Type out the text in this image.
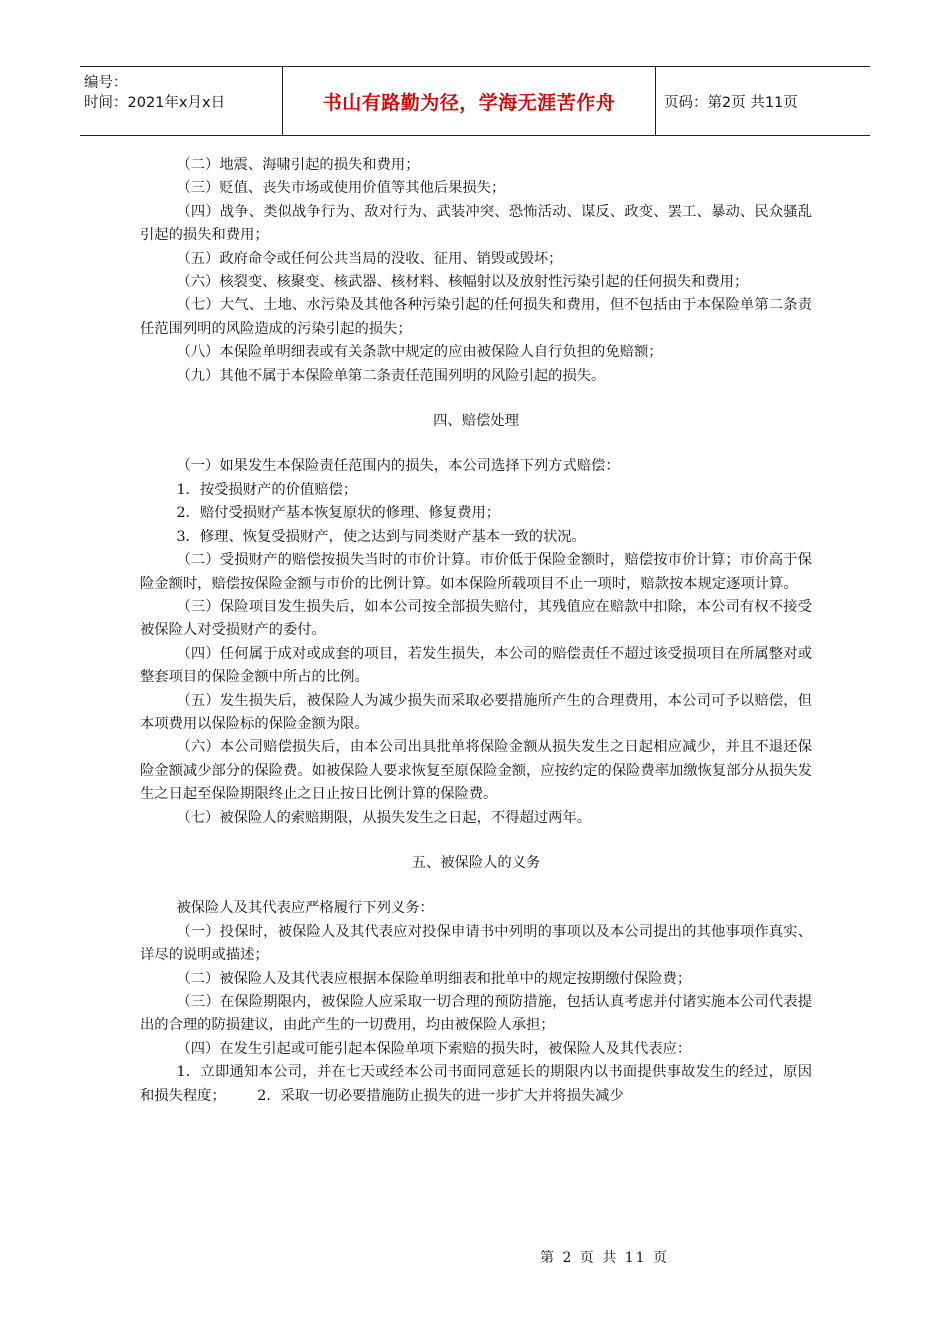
编号：
时间：2021年x月x日	书山有路勤为径，学海无涯苦作舟	页码：第2页 共11页

（二）地震、海啸引起的损失和费用；

（三）贬值、丧失市场或使用价值等其他后果损失；

（四）战争、类似战争行为、敌对行为、武装冲突、恐怖活动、谋反、政变、罢工、暴动、民众骚乱引起的损失和费用；

（五）政府命令或任何公共当局的没收、征用、销毁或毁坏；

（六）核裂变、核聚变、核武器、核材料、核幅射以及放射性污染引起的任何损失和费用；

（七）大气、土地、水污染及其他各种污染引起的任何损失和费用，但不包括由于本保险单第二条责任范围列明的风险造成的污染引起的损失；

（八）本保险单明细表或有关条款中规定的应由被保险人自行负担的免赔额；

（九）其他不属于本保险单第二条责任范围列明的风险引起的损失。

四、赔偿处理

（一）如果发生本保险责任范围内的损失，本公司选择下列方式赔偿：

1．按受损财产的价值赔偿；

2．赔付受损财产基本恢复原状的修理、修复费用；

3．修理、恢复受损财产，使之达到与同类财产基本一致的状况。

（二）受损财产的赔偿按损失当时的市价计算。市价低于保险金额时，赔偿按市价计算；市价高于保险金额时，赔偿按保险金额与市价的比例计算。如本保险所载项目不止一项时，赔款按本规定逐项计算。

（三）保险项目发生损失后，如本公司按全部损失赔付，其残值应在赔款中扣除，本公司有权不接受被保险人对受损财产的委付。

（四）任何属于成对或成套的项目，若发生损失，本公司的赔偿责任不超过该受损项目在所属整对或整套项目的保险金额中所占的比例。

（五）发生损失后，被保险人为减少损失而采取必要措施所产生的合理费用，本公司可予以赔偿，但本项费用以保险标的保险金额为限。

（六）本公司赔偿损失后，由本公司出具批单将保险金额从损失发生之日起相应减少，并且不退还保险金额减少部分的保险费。如被保险人要求恢复至原保险金额，应按约定的保险费率加缴恢复部分从损失发生之日起至保险期限终止之日止按日比例计算的保险费。

（七）被保险人的索赔期限，从损失发生之日起，不得超过两年。

五、被保险人的义务

被保险人及其代表应严格履行下列义务：

（一）投保时，被保险人及其代表应对投保申请书中列明的事项以及本公司提出的其他事项作真实、详尽的说明或描述；

（二）被保险人及其代表应根据本保险单明细表和批单中的规定按期缴付保险费；

（三）在保险期限内，被保险人应采取一切合理的预防措施，包括认真考虑并付诸实施本公司代表提出的合理的防损建议，由此产生的一切费用，均由被保险人承担；

（四）在发生引起或可能引起本保险单项下索赔的损失时，被保险人及其代表应：

1．立即通知本公司，并在七天或经本公司书面同意延长的期限内以书面提供事故发生的经过，原因和损失程度； 2．采取一切必要措施防止损失的进一步扩大并将损失减少

第 2 页 共 11 页
